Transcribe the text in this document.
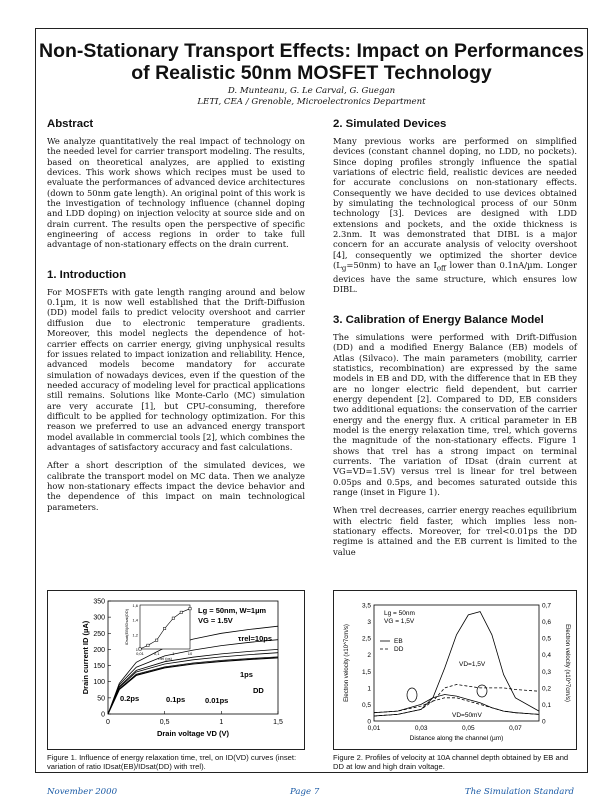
Non-Stationary Transport Effects: Impact on Performances
of Realistic 50nm MOSFET Technology
D. Munteanu, G. Le Carval, G. Guegan
LETI, CEA / Grenoble, Microelectronics Department
Abstract

We analyze quantitatively the real impact of technology on the needed level for carrier transport modeling. The results, based on theoretical analyzes, are applied to existing devices. This work shows which recipes must be used to evaluate the performances of advanced device architectures (down to 50nm gate length). An original point of this work is the investigation of technology influence (channel doping and LDD doping) on injection velocity at source side and on drain current. The results open the perspective of specific engineering of access regions in order to take full advantage of non-stationary effects on the drain current.

1. Introduction

For MOSFETs with gate length ranging around and below 0.1µm, it is now well established that the Drift-Diffusion (DD) model fails to predict velocity overshoot and carrier diffusion due to electronic temperature gradients. Moreover, this model neglects the dependence of hot-carrier effects on carrier energy, giving unphysical results for issues related to impact ionization and reliability. Hence, advanced models become mandatory for accurate simulation of nowadays devices, even if the question of the needed accuracy of modeling level for practical applications still remains. Solutions like Monte-Carlo (MC) simulation are very accurate [1], but CPU-consuming, therefore difficult to be applied for technology optimization. For this reason we preferred to use an advanced energy transport model available in commercial tools [2], which combines the advantages of satisfactory accuracy and fast calculations.

After a short description of the simulated devices, we calibrate the transport model on MC data. Then we analyze how non-stationary effects impact the device behavior and the dependence of this impact on main technological parameters.

2. Simulated Devices

Many previous works are performed on simplified devices (constant channel doping, no LDD, no pockets). Since doping profiles strongly influence the spatial variations of electric field, realistic devices are needed for accurate conclusions on non-stationary effects. Consequently we have decided to use devices obtained by simulating the technological process of our 50nm technology [3]. Devices are designed with LDD extensions and pockets, and the oxide thickness is 2.3nm. It was demonstrated that DIBL is a major concern for an accurate analysis of velocity overshoot [4], consequently we optimized the shorter device $(L_g=50nm)$ to have an $I_{off}$ lower than 0.1nA/µm. Longer devices have the same structure, which ensures low DIBL.

3. Calibration of Energy Balance Model

The simulations were performed with Drift-Diffusion (DD) and a modified Energy Balance (EB) models of Atlas (Silvaco). The main parameters (mobility, carrier statistics, recombination) are expressed by the same models in EB and DD, with the difference that in EB they are no longer electric field dependent, but carrier energy dependent [2]. Compared to DD, EB considers two additional equations: the conservation of the carrier energy and the energy flux. A critical parameter in EB model is the energy relaxation time, τrel, which governs the magnitude of the non-stationary effects. Figure 1 shows that τrel has a strong impact on terminal currents. The variation of IDsat (drain current at VG=VD=1.5V) versus τrel is linear for trel between 0.05ps and 0.5ps, and becomes saturated outside this range (inset in Figure 1).

When τrel decreases, carrier energy reaches equilibrium with electric field faster, which implies less non-stationary effects. Moreover, for τrel<0.01ps the DD regime is attained and the EB current is limited to the value

0
50
100
150
200
250
300
350
0	0,5	1	1,5
Drain voltage VD (V)
Drain current ID (µA)	τrel=10ps
1ps
0.2ps	0.1ps	0.01ps
DD
Lg = 50nm, W=1µm
VG = 1.5V
1
1,2
1,4
1,6
0,01 0,1	1	10
τrel (ps)
IDsat(EB)/IDsat(DD)
Figure 1. Influence of energy relaxation time, τrel, on ID(VD) curves (inset: variation of ratio IDsat(EB)/IDsat(DD) with τrel).
0
0,5
1
1,5
2
2,5
3
3,5
0
0,1
0,2
0,3
0,4
0,5
0,6
0,7
0,01	0,03	0,05	0,07
Distance along the channel (µm)
Electron velocity (x10^7cm/s)	Electron velocity (x10^7cm/s)
Lg = 50nm
VG = 1,5V
EB
DD
VD=1,5V
VD=50mV
Figure 2. Profiles of velocity at 10A channel depth obtained by EB and DD at low and high drain voltage.
November 2000	Page 7	The Simulation Standard
